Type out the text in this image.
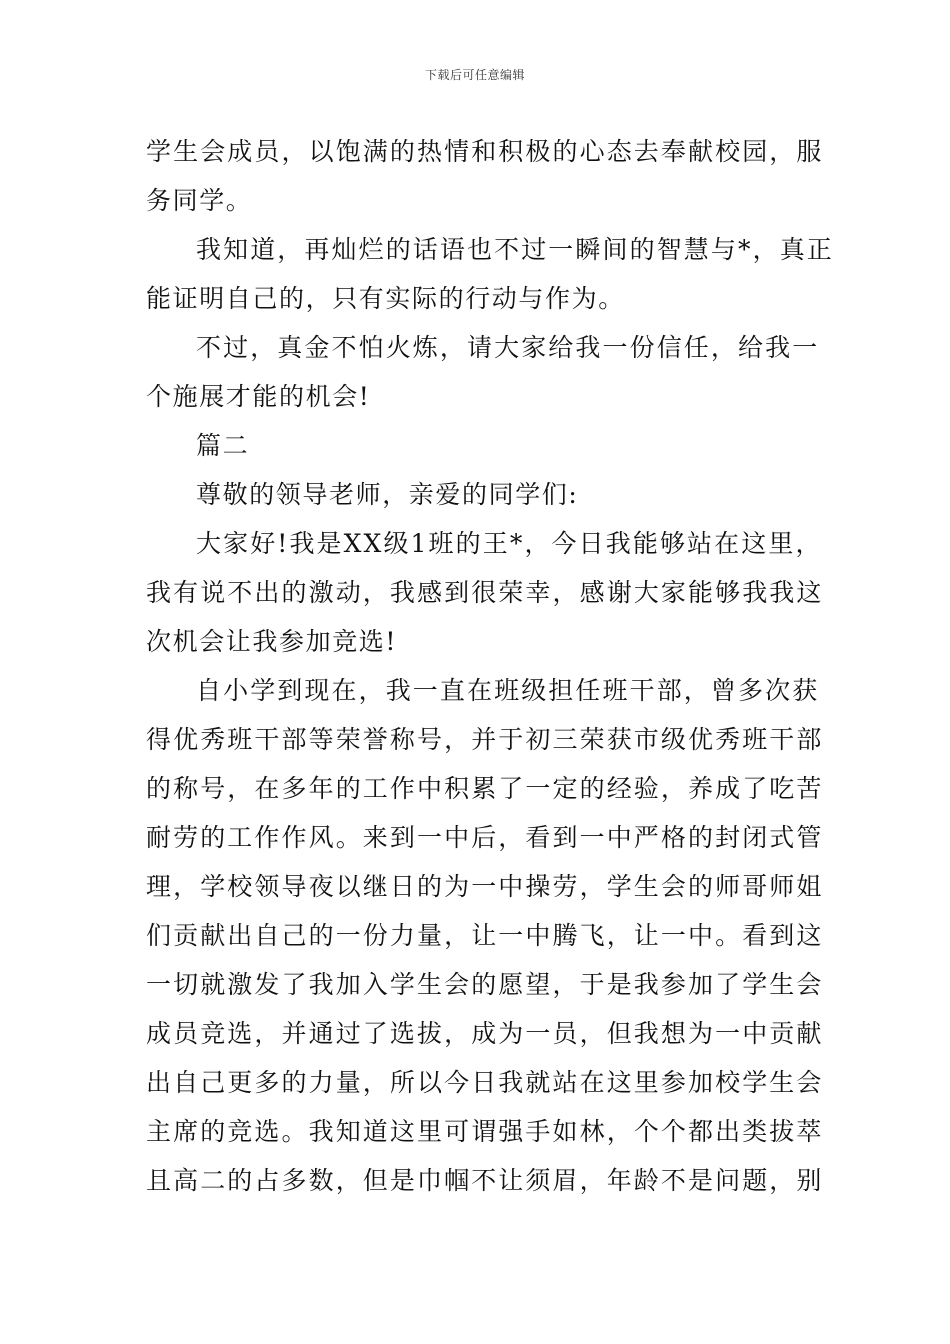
下载后可任意编辑
学生会成员，以饱满的热情和积极的心态去奉献校园，服
务同学。
我知道，再灿烂的话语也不过一瞬间的智慧与*，真正
能证明自己的，只有实际的行动与作为。
不过，真金不怕火炼，请大家给我一份信任，给我一
个施展才能的机会!
篇二
尊敬的领导老师，亲爱的同学们:
大家好!我是XX级1班的王*，今日我能够站在这里，
我有说不出的激动，我感到很荣幸，感谢大家能够我我这
次机会让我参加竞选!
自小学到现在，我一直在班级担任班干部，曾多次获
得优秀班干部等荣誉称号，并于初三荣获市级优秀班干部
的称号，在多年的工作中积累了一定的经验，养成了吃苦
耐劳的工作作风。来到一中后，看到一中严格的封闭式管
理，学校领导夜以继日的为一中操劳，学生会的师哥师姐
们贡献出自己的一份力量，让一中腾飞，让一中。看到这
一切就激发了我加入学生会的愿望，于是我参加了学生会
成员竞选，并通过了选拔，成为一员，但我想为一中贡献
出自己更多的力量，所以今日我就站在这里参加校学生会
主席的竞选。我知道这里可谓强手如林，个个都出类拔萃
且高二的占多数，但是巾帼不让须眉，年龄不是问题，别
